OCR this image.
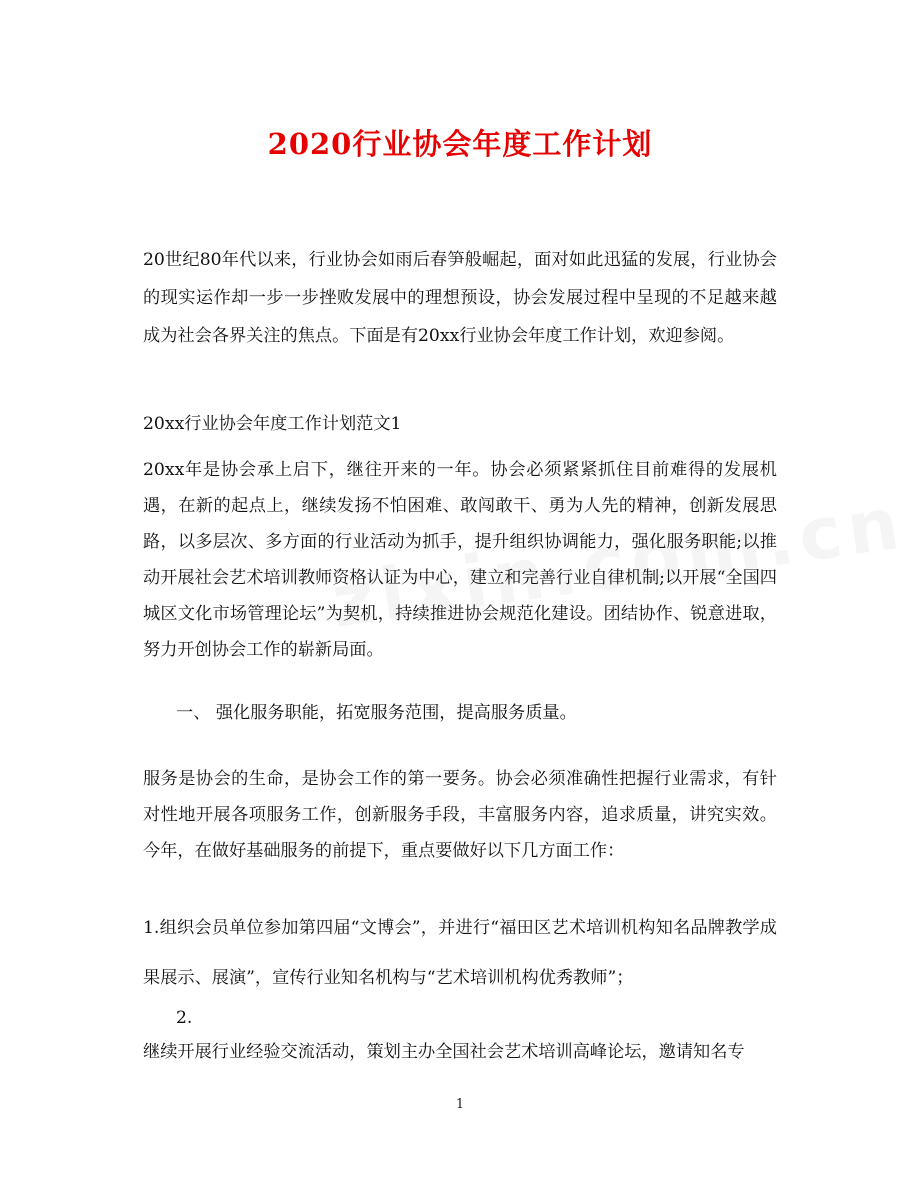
2020行业协会年度工作计划

20世纪80年代以来，行业协会如雨后春笋般崛起，面对如此迅猛的发展，行业协会的现实运作却一步一步挫败发展中的理想预设，协会发展过程中呈现的不足越来越成为社会各界关注的焦点。下面是有20xx行业协会年度工作计划，欢迎参阅。

20xx行业协会年度工作计划范文1

20xx年是协会承上启下，继往开来的一年。协会必须紧紧抓住目前难得的发展机遇，在新的起点上，继续发扬不怕困难、敢闯敢干、勇为人先的精神，创新发展思路，以多层次、多方面的行业活动为抓手，提升组织协调能力，强化服务职能;以推动开展社会艺术培训教师资格认证为中心，建立和完善行业自律机制;以开展“全国四城区文化市场管理论坛”为契机，持续推进协会规范化建设。团结协作、锐意进取，努力开创协会工作的崭新局面。

一、 强化服务职能，拓宽服务范围，提高服务质量。

服务是协会的生命，是协会工作的第一要务。协会必须准确性把握行业需求，有针对性地开展各项服务工作，创新服务手段，丰富服务内容，追求质量，讲究实效。今年，在做好基础服务的前提下，重点要做好以下几方面工作：

1.组织会员单位参加第四届“文博会”，并进行“福田区艺术培训机构知名品牌教学成果展示、展演”，宣传行业知名机构与“艺术培训机构优秀教师”；

2.
继续开展行业经验交流活动，策划主办全国社会艺术培训高峰论坛，邀请知名专
1
